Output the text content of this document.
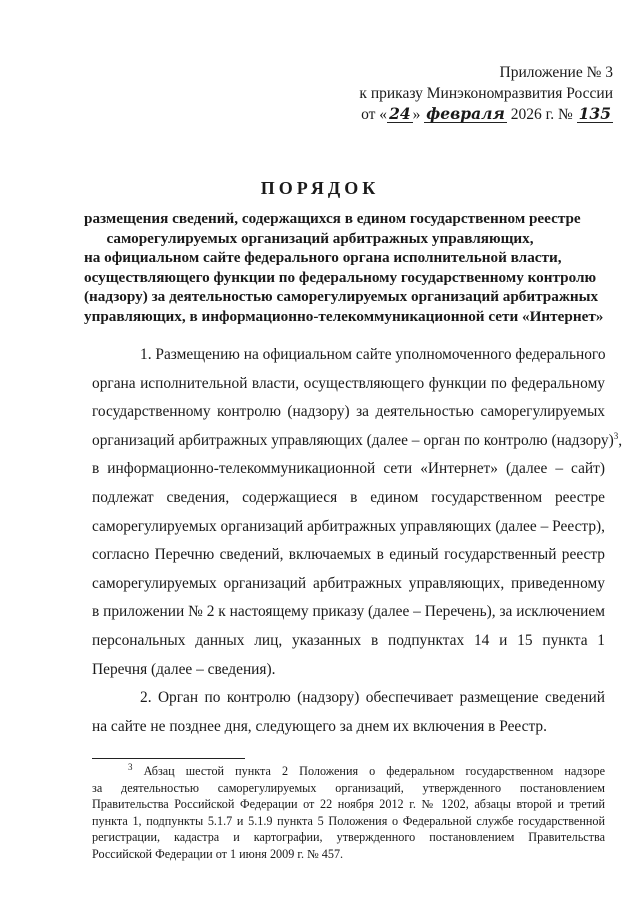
Приложение № 3
к приказу Минэкономразвития России
от « 24 » февраля 2026 г. № 135
ПОРЯДОК
размещения сведений, содержащихся в едином государственном реестре
саморегулируемых организаций арбитражных управляющих,
на официальном сайте федерального органа исполнительной власти,
осуществляющего функции по федеральному государственному контролю
(надзору) за деятельностью саморегулируемых организаций арбитражных
управляющих, в информационно-телекоммуникационной сети «Интернет»
1. Размещению на официальном сайте уполномоченного федерального
органа исполнительной власти, осуществляющего функции по федеральному
государственному контролю (надзору) за деятельностью саморегулируемых
организаций арбитражных управляющих (далее – орган по контролю (надзору)$^3$,
в информационно-телекоммуникационной сети «Интернет» (далее – сайт)
подлежат сведения, содержащиеся в едином государственном реестре
саморегулируемых организаций арбитражных управляющих (далее – Реестр),
согласно Перечню сведений, включаемых в единый государственный реестр
саморегулируемых организаций арбитражных управляющих, приведенному
в приложении № 2 к настоящему приказу (далее – Перечень), за исключением
персональных данных лиц, указанных в подпунктах 14 и 15 пункта 1
Перечня (далее – сведения).
2. Орган по контролю (надзору) обеспечивает размещение сведений
на сайте не позднее дня, следующего за днем их включения в Реестр.
$^3$ Абзац шестой пункта 2 Положения о федеральном государственном надзоре
за деятельностью саморегулируемых организаций, утвержденного постановлением
Правительства Российской Федерации от 22 ноября 2012 г. № 1202, абзацы второй и третий
пункта 1, подпункты 5.1.7 и 5.1.9 пункта 5 Положения о Федеральной службе государственной
регистрации, кадастра и картографии, утвержденного постановлением Правительства
Российской Федерации от 1 июня 2009 г. № 457.
